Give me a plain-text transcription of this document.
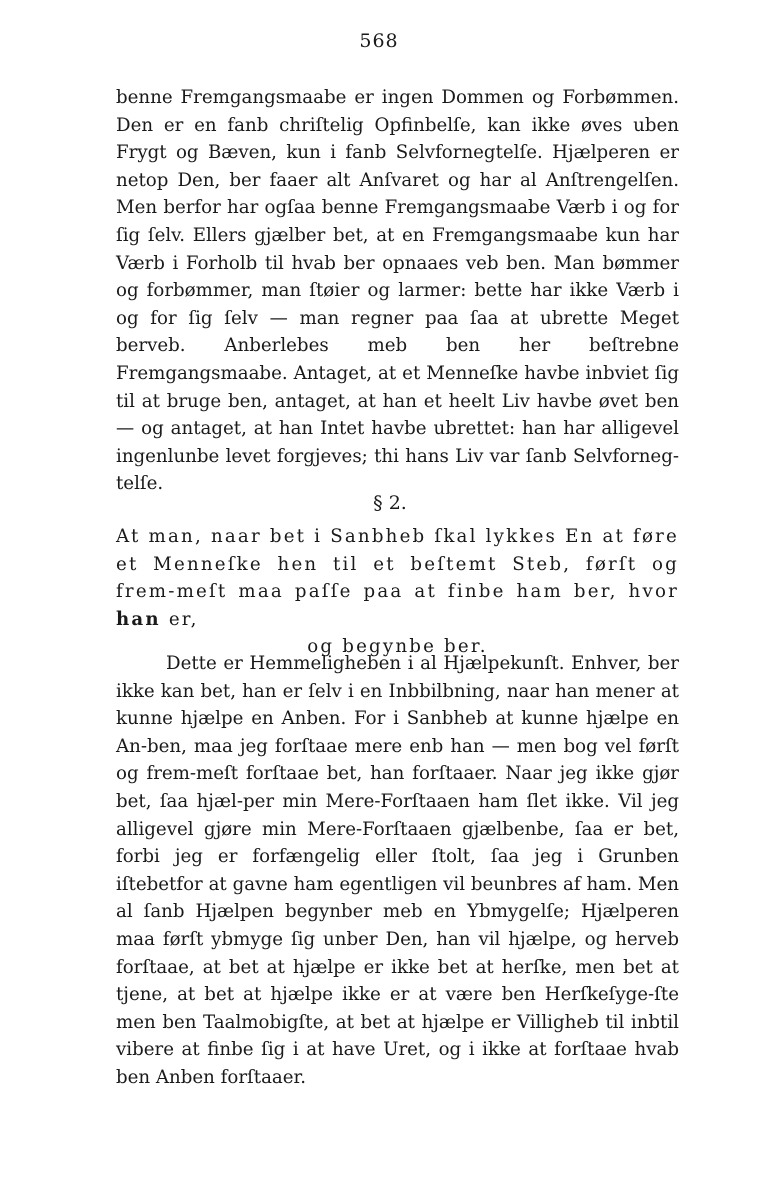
568

benne Fremgangsmaabe er ingen Dommen og Forbømmen. Den er en fanb chriſtelig Opfinbelſe, kan ikke øves uben Frygt og Bæven, kun i fanb Selvfornegtelſe. Hjælperen er netop Den, ber faaer alt Anſvaret og har al Anſtrengelſen. Men berfor har ogſaa benne Fremgangsmaabe Værb i og for ſig ſelv. Ellers gjælber bet, at en Fremgangsmaabe kun har Værb i Forholb til hvab ber opnaaes veb ben. Man bømmer og forbømmer, man ſtøier og larmer: bette har ikke Værb i og for ſig ſelv — man regner paa ſaa at ubrette Meget berveb. Anberlebes meb ben her beſtrebne Fremgangsmaabe. Antaget, at et Menneſke havbe inbviet ſig til at bruge ben, antaget, at han et heelt Liv havbe øvet ben — og antaget, at han Intet havbe ubrettet: han har alligevel ingenlunbe levet forgjeves; thi hans Liv var ſanb Selvforneg-telſe.

§ 2.

At man, naar bet i Sanbheb ſkal lykkes En at føre et Menneſke hen til et beſtemt Steb, førſt og frem-meſt maa paſſe paa at finbe ham ber, hvor han er,
og begynbe ber.

Dette er Hemmeligheben i al Hjælpekunſt. Enhver, ber ikke kan bet, han er ſelv i en Inbbilbning, naar han mener at kunne hjælpe en Anben. For i Sanbheb at kunne hjælpe en An-ben, maa jeg forſtaae mere enb han — men bog vel førſt og frem-meſt forſtaae bet, han forſtaaer. Naar jeg ikke gjør bet, ſaa hjæl-per min Mere-Forſtaaen ham ſlet ikke. Vil jeg alligevel gjøre min Mere-Forſtaaen gjælbenbe, ſaa er bet, forbi jeg er forfængelig eller ſtolt, ſaa jeg i Grunben iſtebetfor at gavne ham egentligen vil beunbres af ham. Men al ſanb Hjælpen begynber meb en Ybmygelſe; Hjælperen maa førſt ybmyge ſig unber Den, han vil hjælpe, og herveb forſtaae, at bet at hjælpe er ikke bet at herſke, men bet at tjene, at bet at hjælpe ikke er at være ben Herſkeſyge-ſte men ben Taalmobigſte, at bet at hjælpe er Villigheb til inbtil vibere at finbe ſig i at have Uret, og i ikke at forſtaae hvab ben Anben forſtaaer.
